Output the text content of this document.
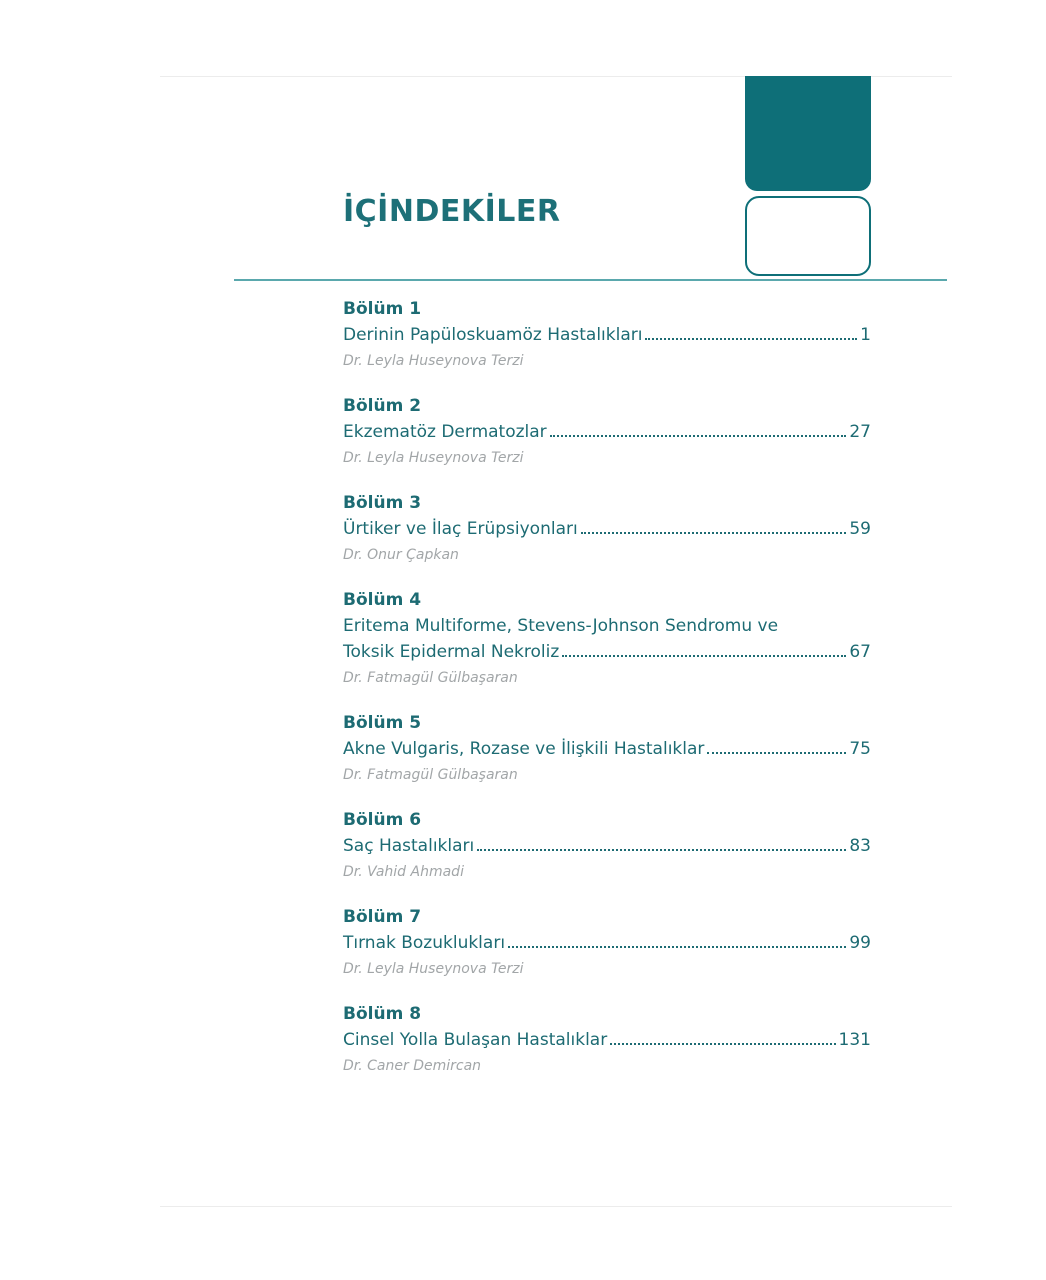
İÇİNDEKİLER
Bölüm 1
Derinin Papüloskuamöz Hastalıkları	1
Dr. Leyla Huseynova Terzi
Bölüm 2
Ekzematöz Dermatozlar	27
Dr. Leyla Huseynova Terzi
Bölüm 3
Ürtiker ve İlaç Erüpsiyonları	59
Dr. Onur Çapkan
Bölüm 4
Eritema Multiforme, Stevens-Johnson Sendromu ve
Toksik Epidermal Nekroliz	67
Dr. Fatmagül Gülbaşaran
Bölüm 5
Akne Vulgaris, Rozase ve İlişkili Hastalıklar	75
Dr. Fatmagül Gülbaşaran
Bölüm 6
Saç Hastalıkları	83
Dr. Vahid Ahmadi
Bölüm 7
Tırnak Bozuklukları	99
Dr. Leyla Huseynova Terzi
Bölüm 8
Cinsel Yolla Bulaşan Hastalıklar	131
Dr. Caner Demircan
